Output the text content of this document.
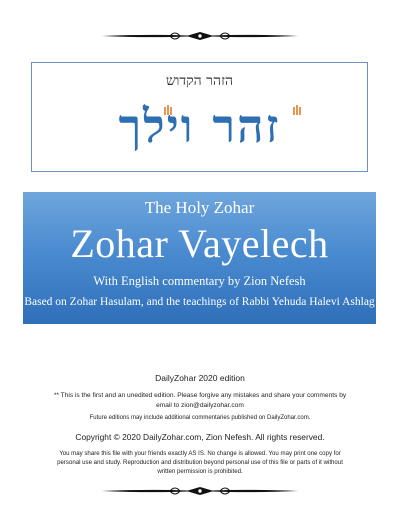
הזהר הקדוש
זהר וילך
The Holy Zohar
Zohar Vayelech
With English commentary by Zion Nefesh
Based on Zohar Hasulam, and the teachings of Rabbi Yehuda Halevi Ashlag
DailyZohar 2020 edition
** This is the first and an unedited edition. Please forgive any mistakes and share your comments by
email to zion@dailyzohar.com
Future editions may include additional commentaries published on DailyZohar.com.
Copyright © 2020 DailyZohar.com, Zion Nefesh. All rights reserved.
You may share this file with your friends exactly AS IS. No change is allowed. You may print one copy for
personal use and study. Reproduction and distribution beyond personal use of this file or parts of it without
written permission is prohibited.
